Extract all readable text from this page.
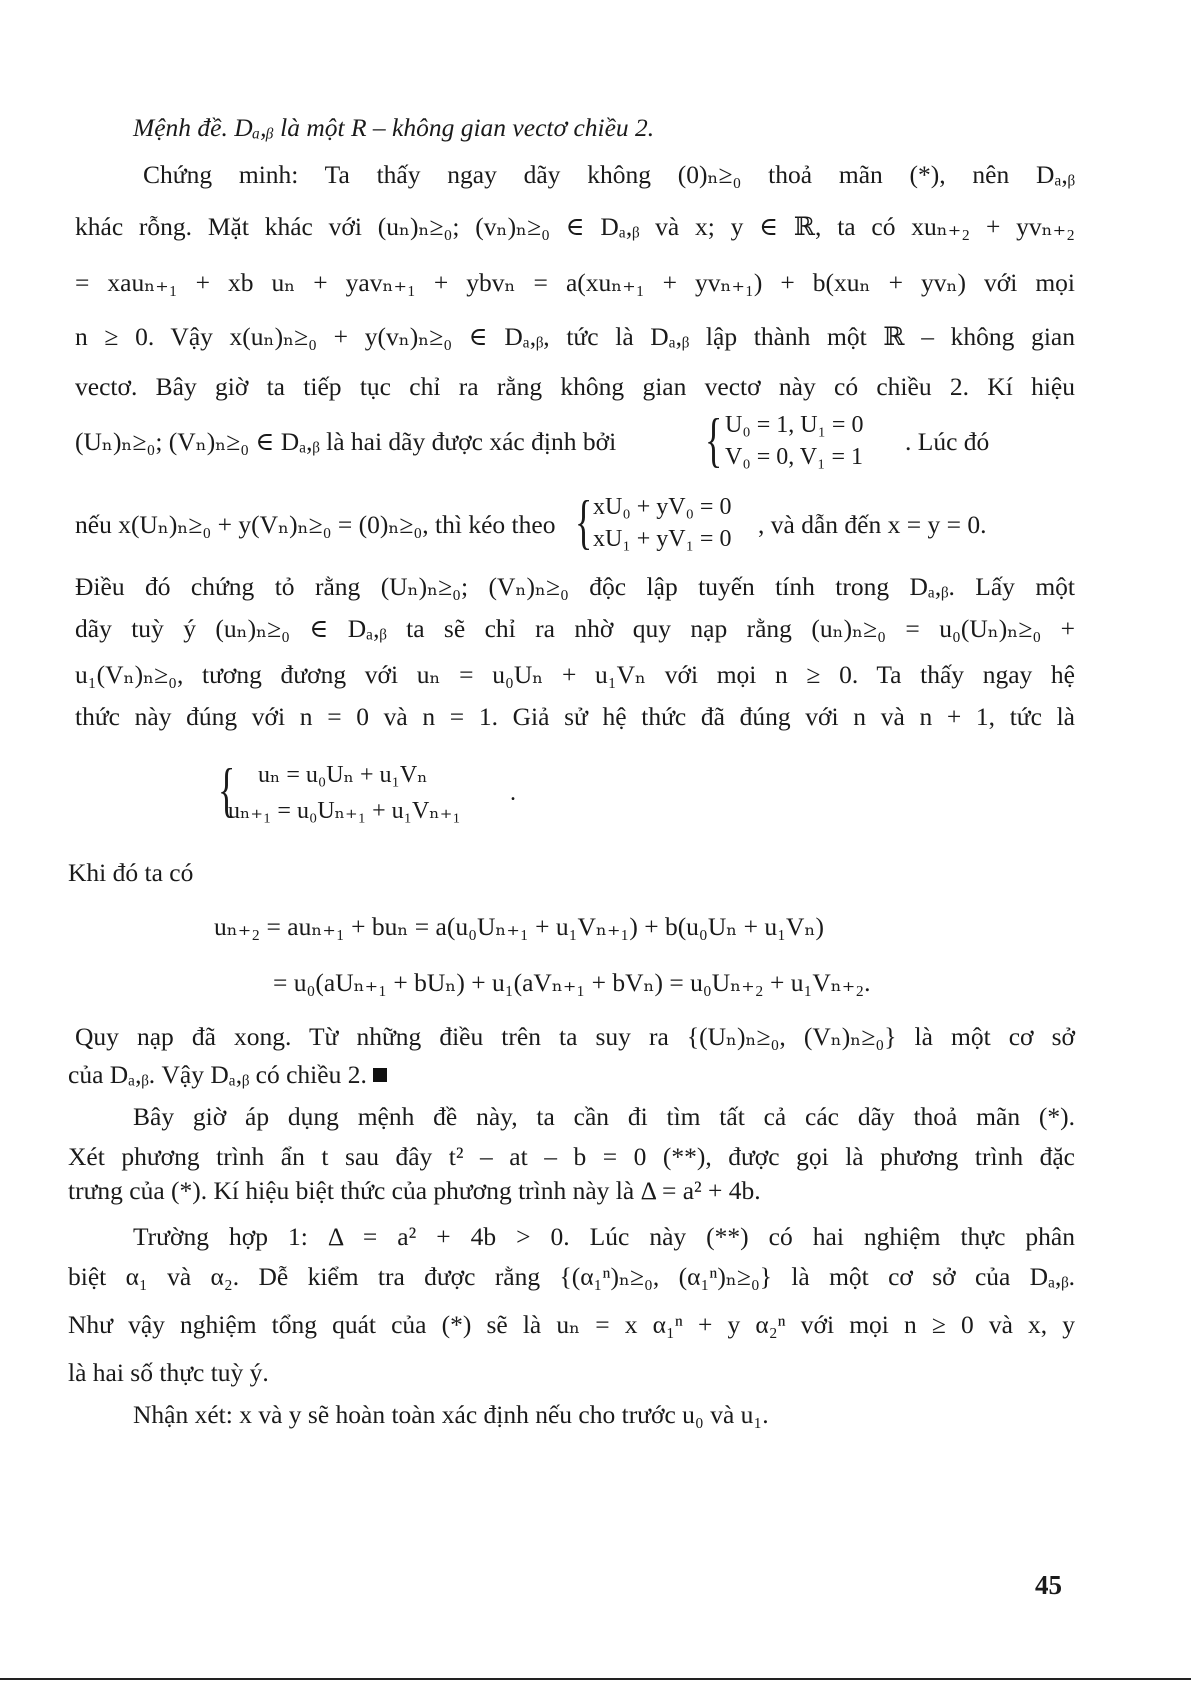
Mệnh đề. Dₐ,ᵦ là một R – không gian vectơ chiều 2.
Chứng minh: Ta thấy ngay dãy không (0)ₙ≥₀ thoả mãn (*), nên Dₐ,ᵦ
khác rỗng. Mặt khác với (uₙ)ₙ≥₀; (vₙ)ₙ≥₀ ∈ Dₐ,ᵦ và x; y ∈ ℝ, ta có xuₙ₊₂ + yvₙ₊₂
= xauₙ₊₁ + xb uₙ + yavₙ₊₁ + ybvₙ = a(xuₙ₊₁ + yvₙ₊₁) + b(xuₙ + yvₙ) với mọi
n ≥ 0. Vậy x(uₙ)ₙ≥₀ + y(vₙ)ₙ≥₀ ∈ Dₐ,ᵦ, tức là Dₐ,ᵦ lập thành một ℝ – không gian
vectơ. Bây giờ ta tiếp tục chỉ ra rằng không gian vectơ này có chiều 2. Kí hiệu
(Uₙ)ₙ≥₀; (Vₙ)ₙ≥₀ ∈ Dₐ,ᵦ là hai dãy được xác định bởi { U₀ = 1, U₁ = 0
V₀ = 0, V₁ = 1
. Lúc đó
nếu x(Uₙ)ₙ≥₀ + y(Vₙ)ₙ≥₀ = (0)ₙ≥₀, thì kéo theo { xU₀ + yV₀ = 0
xU₁ + yV₁ = 0 , và dẫn đến x = y = 0.
Điều đó chứng tỏ rằng (Uₙ)ₙ≥₀; (Vₙ)ₙ≥₀ độc lập tuyến tính trong Dₐ,ᵦ. Lấy một
dãy tuỳ ý (uₙ)ₙ≥₀ ∈ Dₐ,ᵦ ta sẽ chỉ ra nhờ quy nạp rằng (uₙ)ₙ≥₀ = u₀(Uₙ)ₙ≥₀ +
u₁(Vₙ)ₙ≥₀, tương đương với uₙ = u₀Uₙ + u₁Vₙ với mọi n ≥ 0. Ta thấy ngay hệ
thức này đúng với n = 0 và n = 1. Giả sử hệ thức đã đúng với n và n + 1, tức là
{ uₙ = u₀Uₙ + u₁Vₙ
uₙ₊₁ = u₀Uₙ₊₁ + u₁Vₙ₊₁
.
Khi đó ta có
uₙ₊₂ = auₙ₊₁ + buₙ = a(u₀Uₙ₊₁ + u₁Vₙ₊₁) + b(u₀Uₙ + u₁Vₙ)
= u₀(aUₙ₊₁ + bUₙ) + u₁(aVₙ₊₁ + bVₙ) = u₀Uₙ₊₂ + u₁Vₙ₊₂.
Quy nạp đã xong. Từ những điều trên ta suy ra {(Uₙ)ₙ≥₀, (Vₙ)ₙ≥₀} là một cơ sở
của Dₐ,ᵦ. Vậy Dₐ,ᵦ có chiều 2.
Bây giờ áp dụng mệnh đề này, ta cần đi tìm tất cả các dãy thoả mãn (*).
Xét phương trình ẩn t sau đây t² – at – b = 0 (**), được gọi là phương trình đặc
trưng của (*). Kí hiệu biệt thức của phương trình này là Δ = a² + 4b.
Trường hợp 1: Δ = a² + 4b > 0. Lúc này (**) có hai nghiệm thực phân
biệt α₁ và α₂. Dễ kiểm tra được rằng {(α₁ⁿ)ₙ≥₀, (α₁ⁿ)ₙ≥₀} là một cơ sở của Dₐ,ᵦ.
Như vậy nghiệm tổng quát của (*) sẽ là uₙ = x α₁ⁿ + y α₂ⁿ với mọi n ≥ 0 và x, y
là hai số thực tuỳ ý.
Nhận xét: x và y sẽ hoàn toàn xác định nếu cho trước u₀ và u₁.
45
